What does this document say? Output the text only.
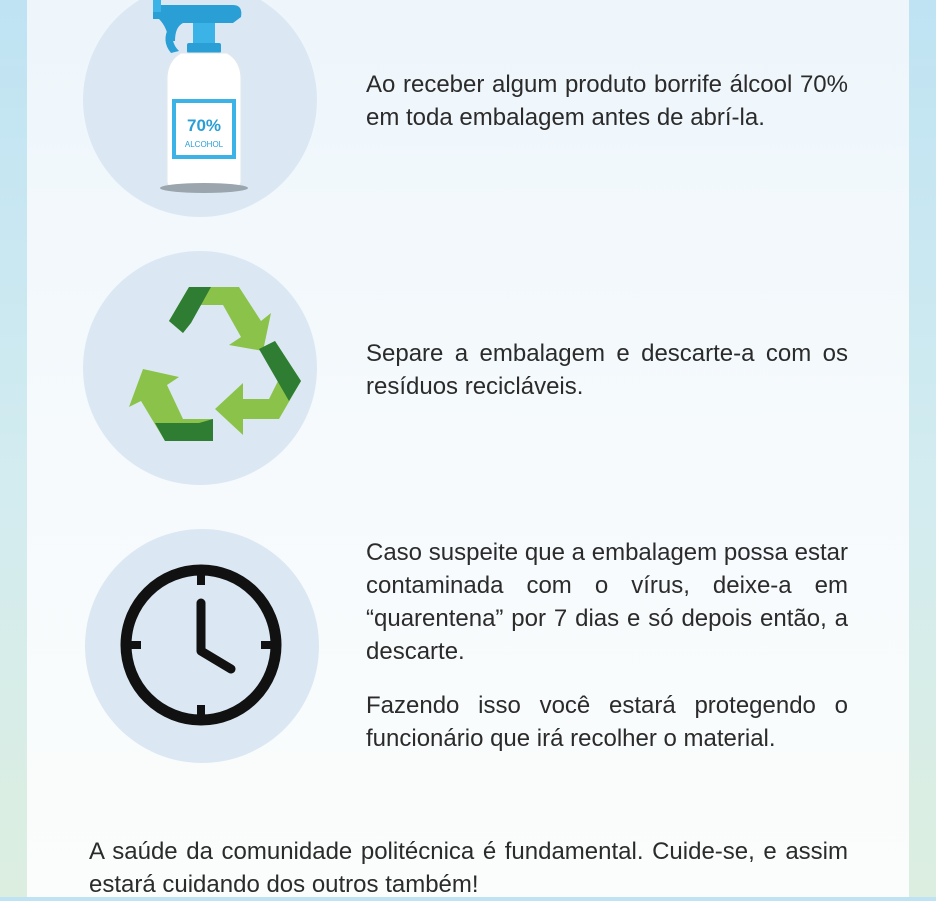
70%
ALCOHOL

Ao receber algum produto borrife álcool 70% em toda embalagem antes de abrí-la.

Separe a embalagem e descarte-a com os resíduos recicláveis.

Caso suspeite que a embalagem possa estar contaminada com o vírus, deixe-a em “quarentena” por 7 dias e só depois então, a descarte.

Fazendo isso você estará protegendo o funcionário que irá recolher o material.

A saúde da comunidade politécnica é fundamental. Cuide-se, e assim estará cuidando dos outros também!
